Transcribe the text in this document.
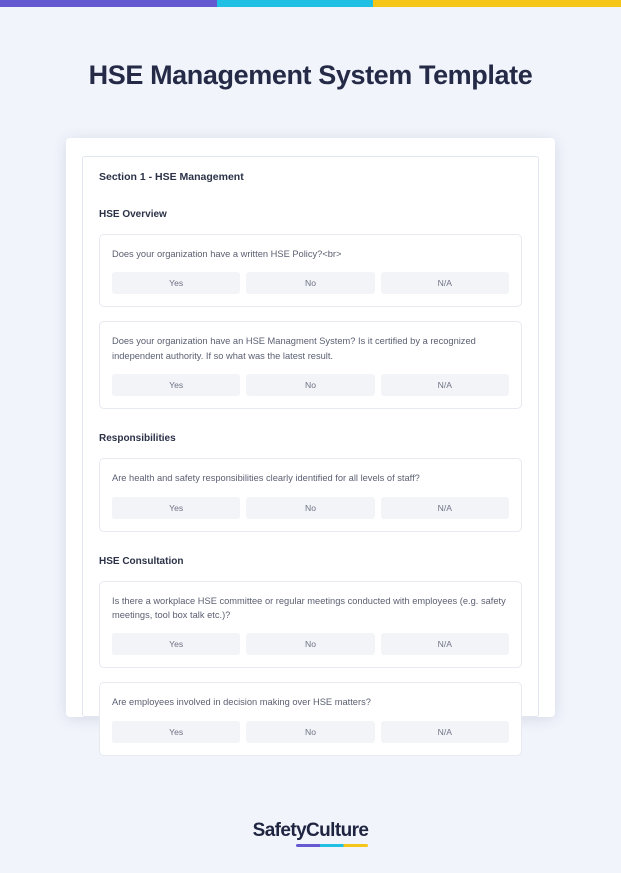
HSE Management System Template
Section 1 - HSE Management
HSE Overview
Does your organization have a written HSE Policy?<br>
Yes	No	N/A
Does your organization have an HSE Managment System? Is it certified by a recognized independent authority. If so what was the latest result.
Yes	No	N/A
Responsibilities
Are health and safety responsibilities clearly identified for all levels of staff?
Yes	No	N/A
HSE Consultation
Is there a workplace HSE committee or regular meetings conducted with employees (e.g. safety meetings, tool box talk etc.)?
Yes	No	N/A
Are employees involved in decision making over HSE matters?
Yes	No	N/A
SafetyCulture
